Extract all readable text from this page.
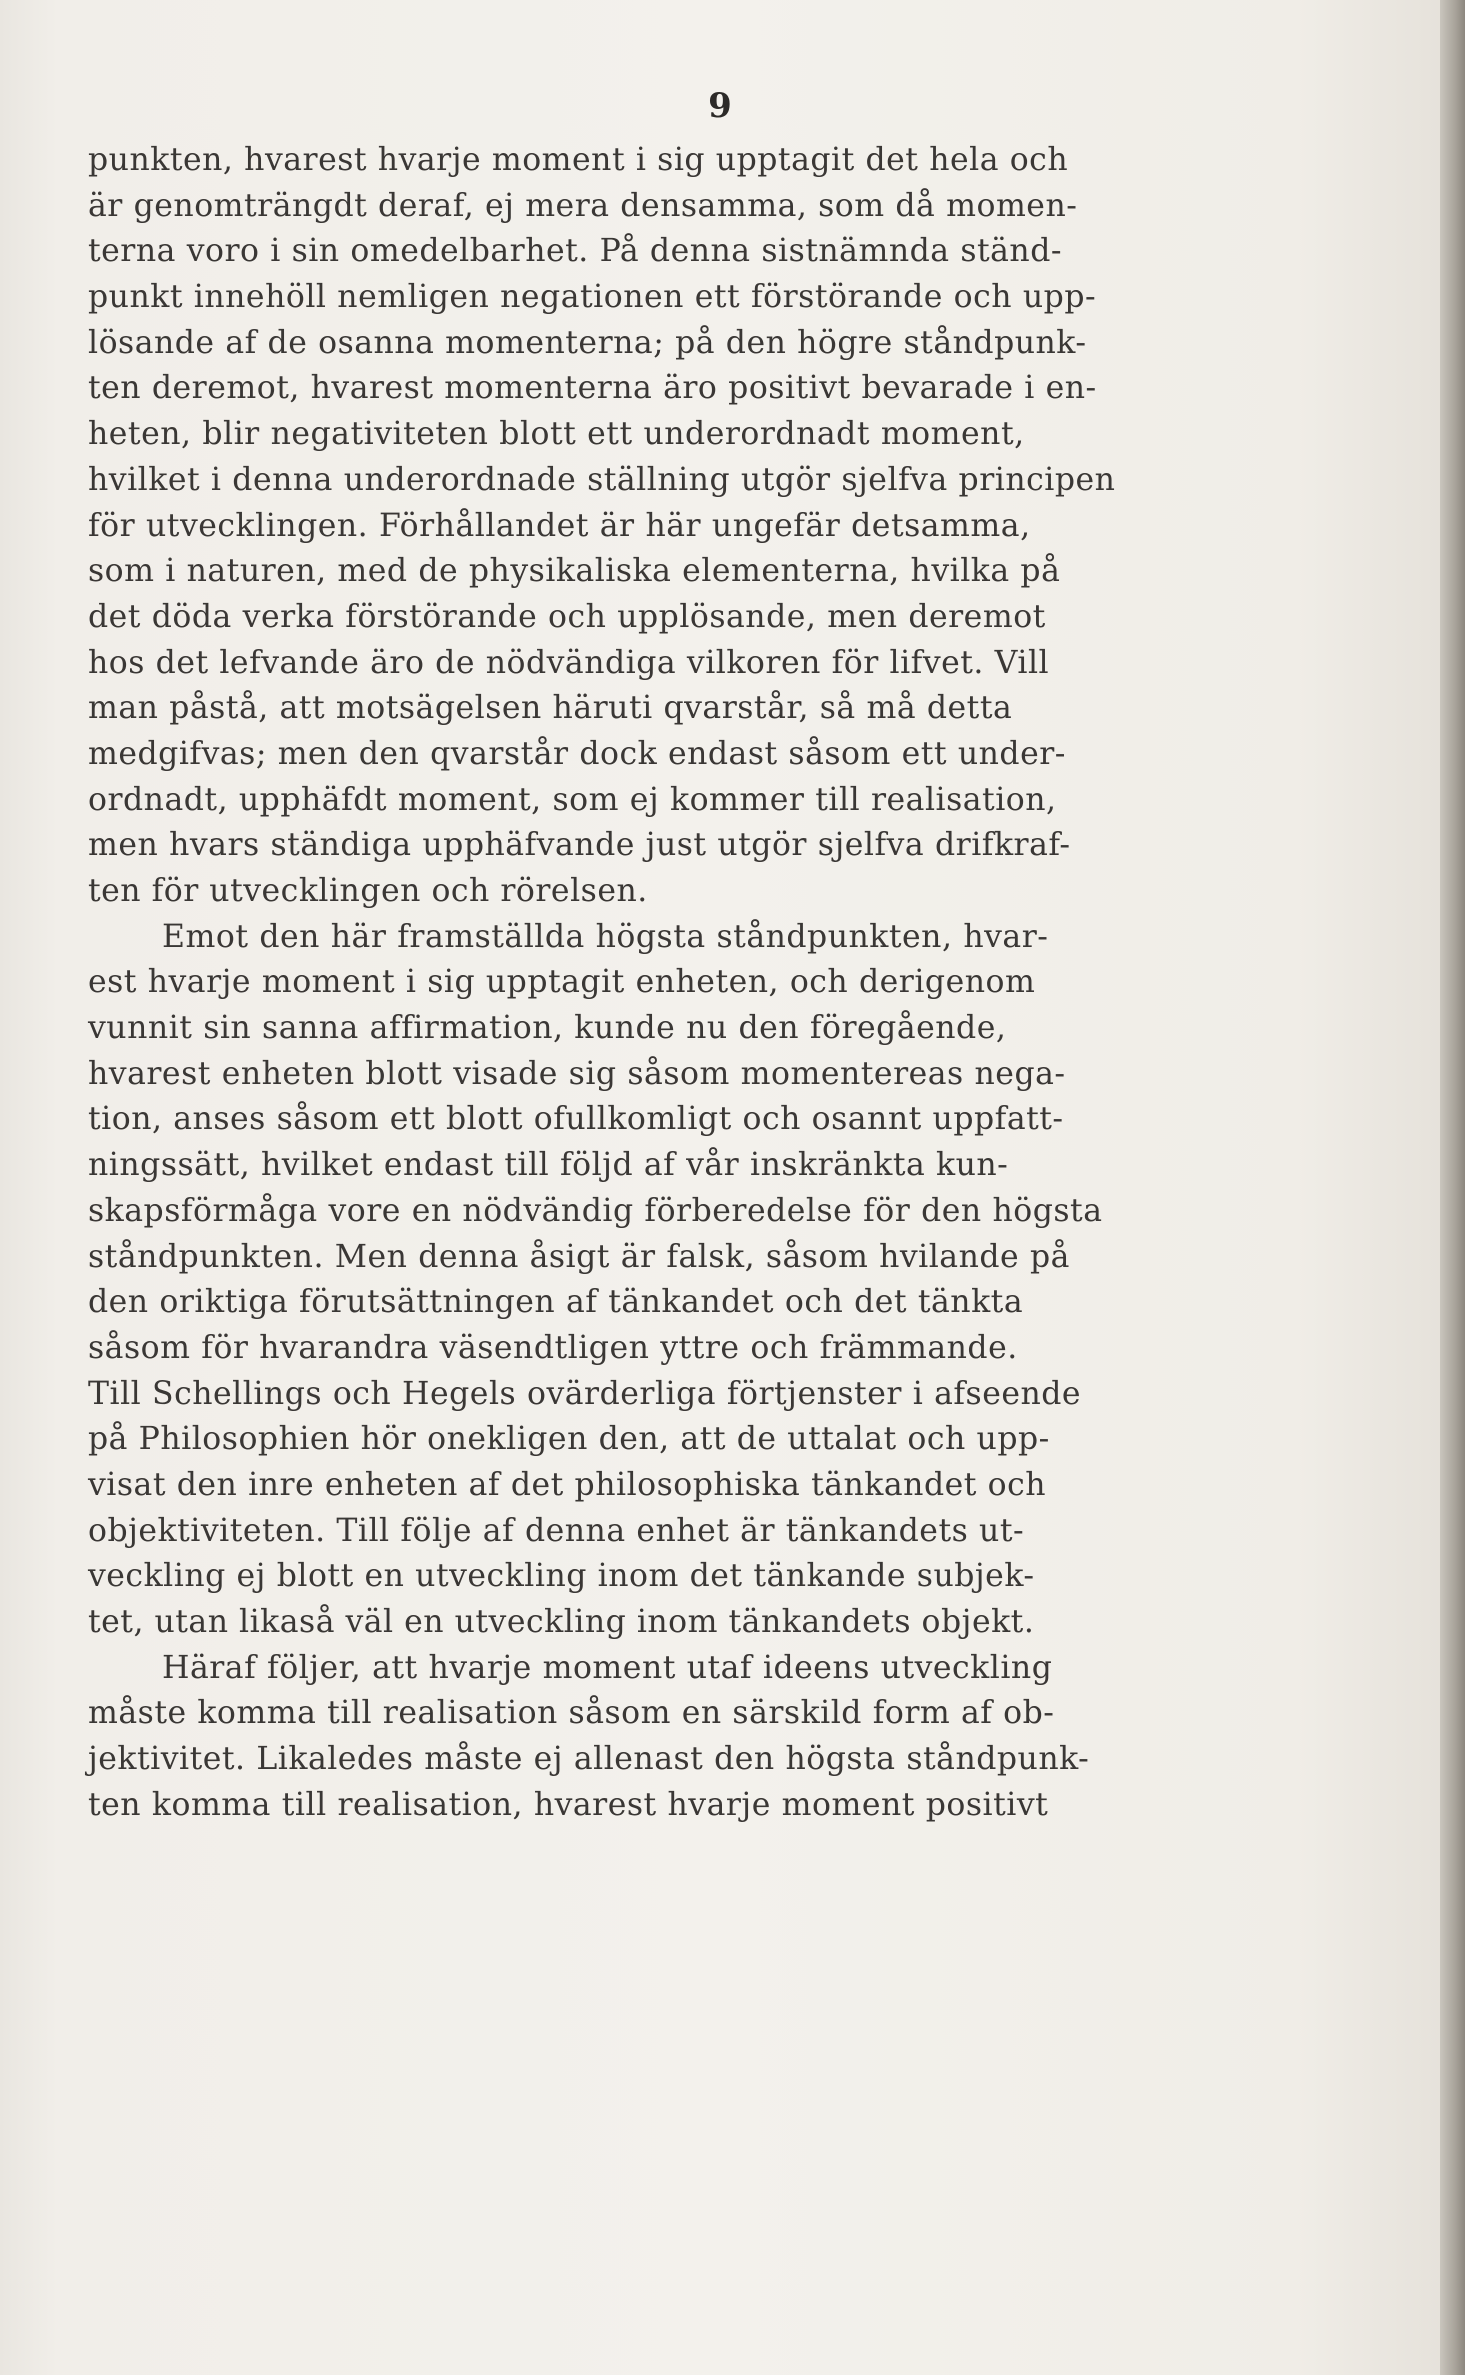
9
punkten, hvarest hvarje moment i sig upptagit det hela och
är genomträngdt deraf, ej mera densamma, som då momen-
terna voro i sin omedelbarhet. På denna sistnämnda ständ-
punkt innehöll nemligen negationen ett förstörande och upp-
lösande af de osanna momenterna; på den högre ståndpunk-
ten deremot, hvarest momenterna äro positivt bevarade i en-
heten, blir negativiteten blott ett underordnadt moment,
hvilket i denna underordnade ställning utgör sjelfva principen
för utvecklingen. Förhållandet är här ungefär detsamma,
som i naturen, med de physikaliska elementerna, hvilka på
det döda verka förstörande och upplösande, men deremot
hos det lefvande äro de nödvändiga vilkoren för lifvet. Vill
man påstå, att motsägelsen häruti qvarstår, så må detta
medgifvas; men den qvarstår dock endast såsom ett under-
ordnadt, upphäfdt moment, som ej kommer till realisation,
men hvars ständiga upphäfvande just utgör sjelfva drifkraf-
ten för utvecklingen och rörelsen.
Emot den här framställda högsta ståndpunkten, hvar-
est hvarje moment i sig upptagit enheten, och derigenom
vunnit sin sanna affirmation, kunde nu den föregående,
hvarest enheten blott visade sig såsom momentereas nega-
tion, anses såsom ett blott ofullkomligt och osannt uppfatt-
ningssätt, hvilket endast till följd af vår inskränkta kun-
skapsförmåga vore en nödvändig förberedelse för den högsta
ståndpunkten. Men denna åsigt är falsk, såsom hvilande på
den oriktiga förutsättningen af tänkandet och det tänkta
såsom för hvarandra väsendtligen yttre och främmande.
Till Schellings och Hegels ovärderliga förtjenster i afseende
på Philosophien hör onekligen den, att de uttalat och upp-
visat den inre enheten af det philosophiska tänkandet och
objektiviteten. Till följe af denna enhet är tänkandets ut-
veckling ej blott en utveckling inom det tänkande subjek-
tet, utan likaså väl en utveckling inom tänkandets objekt.
Häraf följer, att hvarje moment utaf ideens utveckling
måste komma till realisation såsom en särskild form af ob-
jektivitet. Likaledes måste ej allenast den högsta ståndpunk-
ten komma till realisation, hvarest hvarje moment positivt
